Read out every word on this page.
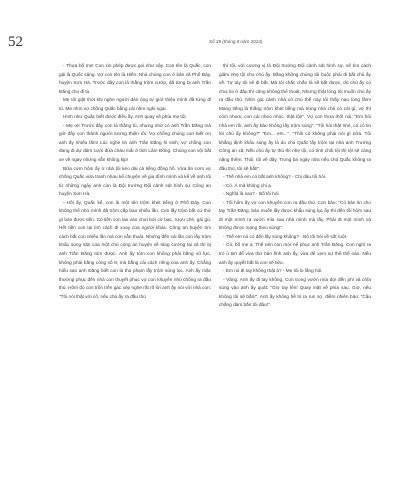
52	Số 39 (tháng 8 năm 2024)

- Thưa bố mẹ! Con xin phép được gọi như vậy. Con tên là Quắc, con gái là Quốc sáng. Vợ con tên là Hiền. Nhà chúng con ở bản xã Phố Đáy, huyện Sơn Hà. Trước đây con là thằng trộm cướp, đã từng bị anh Trần Đăng cho đi tù.

Mẹ tôi giật thót khi nghe người đàn ông tự giới thiệu mình đã từng đi tù. Mẹ nhìn vợ chồng Quắc bằng cái nhìn nghi ngại.

Hình như Quắc biết được điều ấy. Anh quay về phía mẹ tôi:

- Mẹ ơi! Trước đây con là thằng tù, nhưng nhờ có anh Trần Đăng mà giờ đây con thành người lương thiện rồi. Vợ chồng chúng con biết ơn anh ấy nhiều lắm! Lúc nghe tin anh Trần Đăng hi sinh, vợ chồng con đang đi dự đám cưới đứa cháu mãi ở tỉnh Lâm Đồng. Chúng con vội bắt xe về ngay nhưng vẫn không kịp!

Bữa cơm hôm ấy ở nhà tôi kéo dài cả tiếng đồng hồ. Vừa ăn cơm vợ chồng Quắc vừa tranh nhau kể chuyện về gia đình mình và kể về anh tôi từ những ngày anh còn là Đội trưởng Đội cảnh sát hình sự Công an huyện Sơn Hà.

- Hồi ấy, Quắc kể, con là một tên trộm khét tiếng ở Phố Đáy. Con không thể nhớ mình đã trộm cắp bao nhiêu lần. Con lấy trộm bất cứ thứ gì bán được tiền. Có tiền con lao vào chơi bời cờ bạc, rượu chè, gái gú. Hết tiền con lại tìm cách đi xoay của người khác. Công an huyện tìm cách bắt con nhiều lần mà con vẫn thoát. Nhưng đến cái lần con lấy trộm khẩu súng săn của một chủ công an huyện về tàng cướng tại xã thì bị anh Trần Đăng tóm được. Anh ấy tóm con không phải bằng vũ lực, không phải bằng công số 8, mà bằng cái cách riêng của anh ấy. Chẳng hiểu sao anh Đăng biết con là thủ phạm lấy trộm súng lục. Anh ấy mặc thường phục đến nhà con thuyết phục vợ con khuyên nhủ chồng ra đầu thú. Hôm đó con trốn trên gác xép nghe rất rõ lời anh ấy nói với nhà con: "Tôi nói thật với cô, nếu chú ấy ra đầu thú

thì tội, với cương vị là Đội trưởng Đội cảnh sát hình sự, sẽ tìm cách giảm nhẹ tội cho chú ấy. Bằng không chúng tôi buộc phải đi bắt chú ấy về. Tự tay tôi sẽ đi bắt. Mà tôi chắc chắn là sẽ bắt được, dù chú ấy có chui lủi ở đâu thì cũng không thể thoát. Nhưng thật lòng tôi muốn chú ấy ra đầu thú. Nhìn gia cảnh nhà cô chú thế này tôi thấy nao lòng lắm! Mang tiếng là thằng trộm khét tiếng mà trong nhà chả có cái gì, vợ thì còm nhom, con cái nheo nhóc, thật tội!". Vợ con thưa thốt nói: "Em hỏi nhà em rồi, anh ấy bảo không lấy trộm súng". "Tôi hỏi thật nhé, có cô tin lời chú ấy không?" "Em... em...". "Thôi cô không phải nói gì nữa. Tôi khẳng định khẩu súng ấy là do chú Quắc lấy trộm tại nhà anh Trưởng Công an xã. Nếu chú ấy tự thú thì nhẹ tội, có tình chối tội thì tội sẽ càng nặng thêm. Thôi, tôi về đây. Trong ba ngày nữa nếu chú Quắc không ra đầu thú, tôi sẽ bắt!".

- Thế nhà em có bắt anh không? - Chị dâu tôi hỏi.

- Có. À mà không chị ạ.

- Nghĩa là sao? - Bố tôi hỏi.

- Tối hôm ấy vợ con khuyên con ra đầu thú. Con bảo: "Có bản tin cho tay Trần Đăng, bảo muốn lấy được khẩu súng lục ấy thì đến tối hôm sau đi một mình ra vườn mía sau nhà mình mà lấy. Phải đi một mình và không được mang theo súng!".

- Thế em nó có đến lấy súng không? - Bố tôi hỏi về sốt ruột.

- Có, bố mẹ ạ. Thế nên con mới nể phục anh Trần Đăng. Con nghĩ ra trò ú tim để vừa thử bản lĩnh anh ấy, vừa để xem sự thể thế nào. Nếu anh ấy quyết bắt là con sẽ tiêu.

- Em nó đi tay không thật à? - Mẹ tôi lo lắng hỏi.

- Vâng. Anh ấy đi tay không. Con trong vườn mía đợi đến phí và chĩa súng vào anh ấy quát: "Giơ tay lên! Quay mặt về phía sau. Giơ, nếu không tôi sẽ bắn!". Anh ấy không hề tỏ ra run sợ, điềm nhiên bảo: "Cậu chẳng dám bắn tôi đâu!".
